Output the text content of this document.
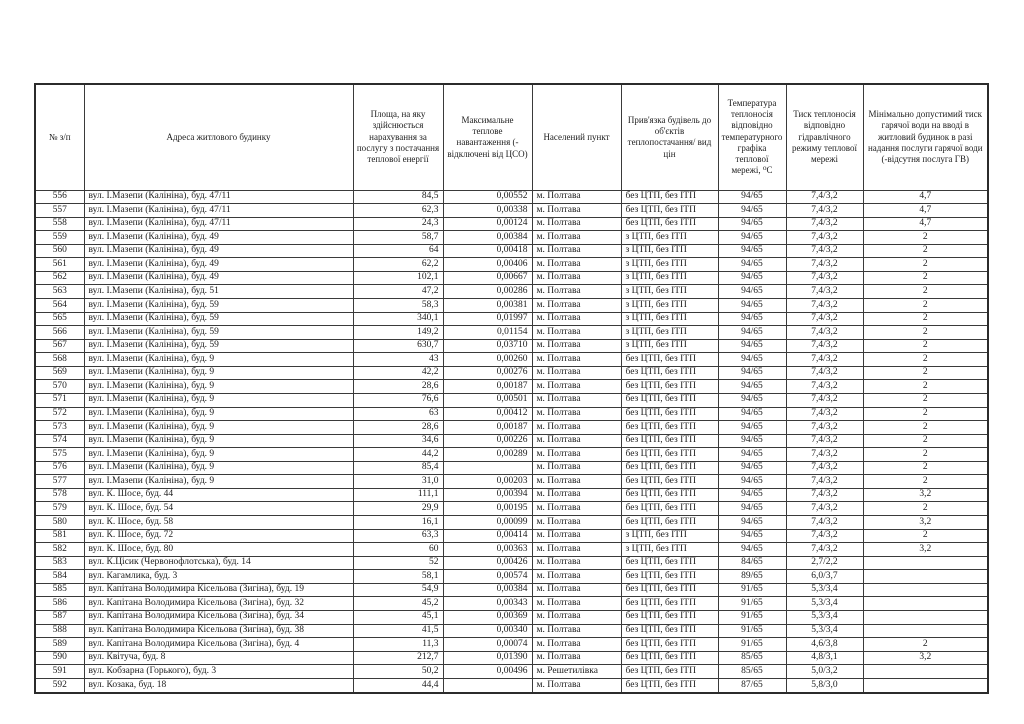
№ з/п	Адреса житлового будинку	Площа, на яку здійснюється нарахування за послугу з постачання теплової енергії	Максимальне теплове навантаження (-відключені від ЦСО)	Населений пункт	Прив'язка будівель до об'єктів теплопостачання/ вид цін	Температура теплоносія відповідно температурного графіка теплової мережі, ⁰С	Тиск теплоносія відповідно гідравлічного режиму теплової мережі	Мінімально допустимий тиск гарячої води на вводі в житловий будинок в разі надання послуги гарячої води (-відсутня послуга ГВ)
556	вул. І.Мазепи (Калініна), буд. 47/11	84,5	0,00552	м. Полтава	без ЦТП, без ІТП	94/65	7,4/3,2	4,7
557	вул. І.Мазепи (Калініна), буд. 47/11	62,3	0,00338	м. Полтава	без ЦТП, без ІТП	94/65	7,4/3,2	4,7
558	вул. І.Мазепи (Калініна), буд. 47/11	24,3	0,00124	м. Полтава	без ЦТП, без ІТП	94/65	7,4/3,2	4,7
559	вул. І.Мазепи (Калініна), буд. 49	58,7	0,00384	м. Полтава	з ЦТП, без ІТП	94/65	7,4/3,2	2
560	вул. І.Мазепи (Калініна), буд. 49	64	0,00418	м. Полтава	з ЦТП, без ІТП	94/65	7,4/3,2	2
561	вул. І.Мазепи (Калініна), буд. 49	62,2	0,00406	м. Полтава	з ЦТП, без ІТП	94/65	7,4/3,2	2
562	вул. І.Мазепи (Калініна), буд. 49	102,1	0,00667	м. Полтава	з ЦТП, без ІТП	94/65	7,4/3,2	2
563	вул. І.Мазепи (Калініна), буд. 51	47,2	0,00286	м. Полтава	з ЦТП, без ІТП	94/65	7,4/3,2	2
564	вул. І.Мазепи (Калініна), буд. 59	58,3	0,00381	м. Полтава	з ЦТП, без ІТП	94/65	7,4/3,2	2
565	вул. І.Мазепи (Калініна), буд. 59	340,1	0,01997	м. Полтава	з ЦТП, без ІТП	94/65	7,4/3,2	2
566	вул. І.Мазепи (Калініна), буд. 59	149,2	0,01154	м. Полтава	з ЦТП, без ІТП	94/65	7,4/3,2	2
567	вул. І.Мазепи (Калініна), буд. 59	630,7	0,03710	м. Полтава	з ЦТП, без ІТП	94/65	7,4/3,2	2
568	вул. І.Мазепи (Калініна), буд. 9	43	0,00260	м. Полтава	без ЦТП, без ІТП	94/65	7,4/3,2	2
569	вул. І.Мазепи (Калініна), буд. 9	42,2	0,00276	м. Полтава	без ЦТП, без ІТП	94/65	7,4/3,2	2
570	вул. І.Мазепи (Калініна), буд. 9	28,6	0,00187	м. Полтава	без ЦТП, без ІТП	94/65	7,4/3,2	2
571	вул. І.Мазепи (Калініна), буд. 9	76,6	0,00501	м. Полтава	без ЦТП, без ІТП	94/65	7,4/3,2	2
572	вул. І.Мазепи (Калініна), буд. 9	63	0,00412	м. Полтава	без ЦТП, без ІТП	94/65	7,4/3,2	2
573	вул. І.Мазепи (Калініна), буд. 9	28,6	0,00187	м. Полтава	без ЦТП, без ІТП	94/65	7,4/3,2	2
574	вул. І.Мазепи (Калініна), буд. 9	34,6	0,00226	м. Полтава	без ЦТП, без ІТП	94/65	7,4/3,2	2
575	вул. І.Мазепи (Калініна), буд. 9	44,2	0,00289	м. Полтава	без ЦТП, без ІТП	94/65	7,4/3,2	2
576	вул. І.Мазепи (Калініна), буд. 9	85,4		м. Полтава	без ЦТП, без ІТП	94/65	7,4/3,2	2
577	вул. І.Мазепи (Калініна), буд. 9	31,0	0,00203	м. Полтава	без ЦТП, без ІТП	94/65	7,4/3,2	2
578	вул. К. Шосе, буд. 44	111,1	0,00394	м. Полтава	без ЦТП, без ІТП	94/65	7,4/3,2	3,2
579	вул. К. Шосе, буд. 54	29,9	0,00195	м. Полтава	без ЦТП, без ІТП	94/65	7,4/3,2	2
580	вул. К. Шосе, буд. 58	16,1	0,00099	м. Полтава	без ЦТП, без ІТП	94/65	7,4/3,2	3,2
581	вул. К. Шосе, буд. 72	63,3	0,00414	м. Полтава	з ЦТП, без ІТП	94/65	7,4/3,2	2
582	вул. К. Шосе, буд. 80	60	0,00363	м. Полтава	з ЦТП, без ІТП	94/65	7,4/3,2	3,2
583	вул. К.Цісик (Червонофлотська), буд. 14	52	0,00426	м. Полтава	без ЦТП, без ІТП	84/65	2,7/2,2	
584	вул. Кагамлика, буд. 3	58,1	0,00574	м. Полтава	без ЦТП, без ІТП	89/65	6,0/3,7	
585	вул. Капітана Володимира Кісельова (Зигіна), буд. 19	54,9	0,00384	м. Полтава	без ЦТП, без ІТП	91/65	5,3/3,4	
586	вул. Капітана Володимира Кісельова (Зигіна), буд. 32	45,2	0,00343	м. Полтава	без ЦТП, без ІТП	91/65	5,3/3,4	
587	вул. Капітана Володимира Кісельова (Зигіна), буд. 34	45,1	0,00369	м. Полтава	без ЦТП, без ІТП	91/65	5,3/3,4	
588	вул. Капітана Володимира Кісельова (Зигіна), буд. 38	41,5	0,00340	м. Полтава	без ЦТП, без ІТП	91/65	5,3/3,4	
589	вул. Капітана Володимира Кісельова (Зигіна), буд. 4	11,3	0,00074	м. Полтава	без ЦТП, без ІТП	91/65	4,6/3,8	2
590	вул. Квітуча, буд. 8	212,7	0,01390	м. Полтава	без ЦТП, без ІТП	85/65	4,8/3,1	3,2
591	вул. Кобзарна (Горького), буд. 3	50,2	0,00496	м. Решетилівка	без ЦТП, без ІТП	85/65	5,0/3,2	
592	вул. Козака, буд. 18	44,4		м. Полтава	без ЦТП, без ІТП	87/65	5,8/3,0	
